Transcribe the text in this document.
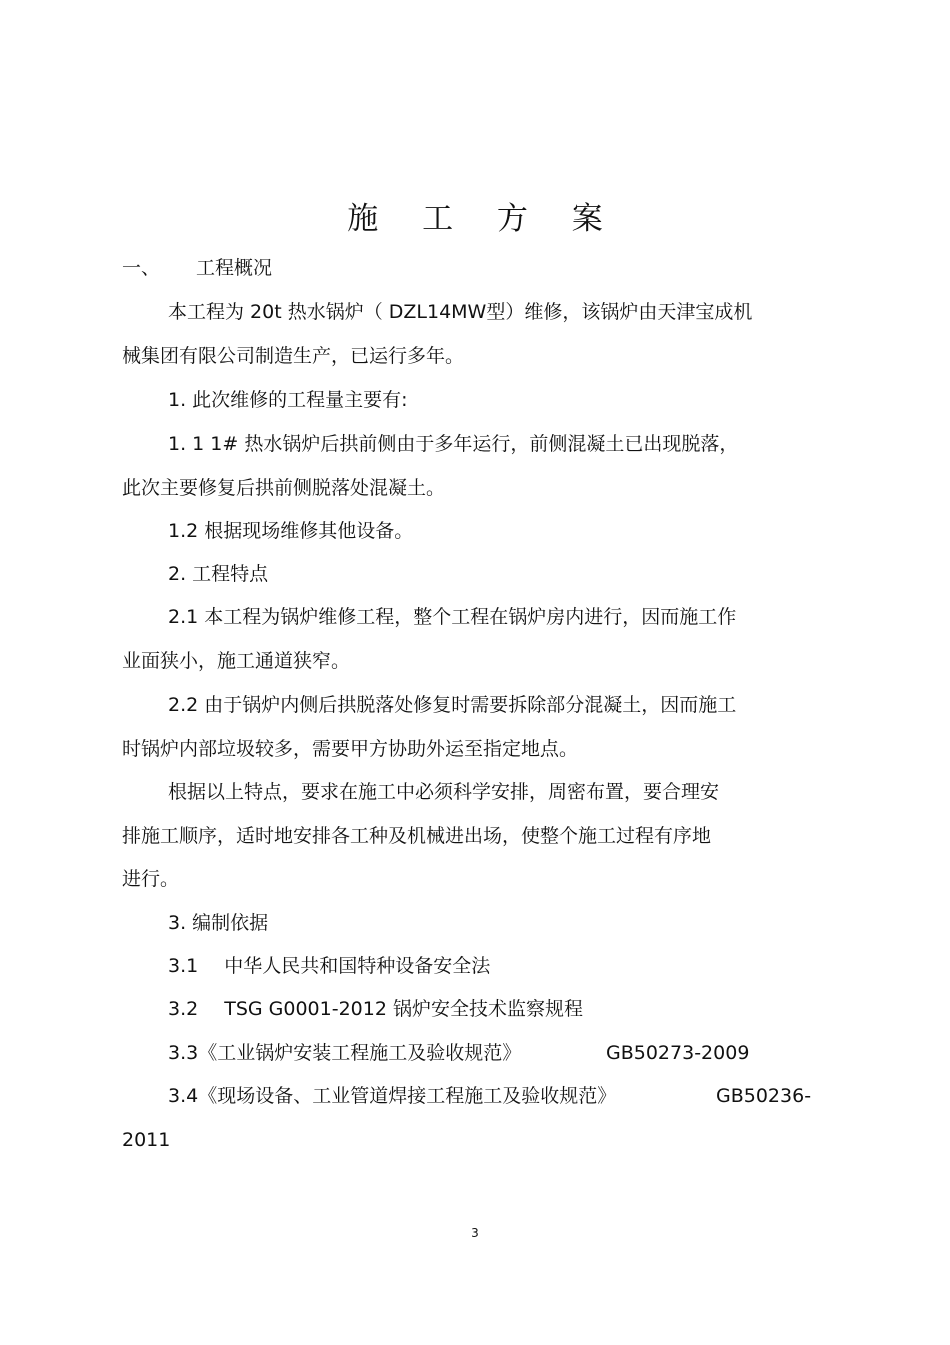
施 工 方 案
一、 工程概况
本工程为 20t 热水锅炉（ DZL14MW型）维修，该锅炉由天津宝成机
械集团有限公司制造生产，已运行多年。
1. 此次维修的工程量主要有:
1. 1 1# 热水锅炉后拱前侧由于多年运行，前侧混凝土已出现脱落，
此次主要修复后拱前侧脱落处混凝土。
1.2 根据现场维修其他设备。
2. 工程特点
2.1 本工程为锅炉维修工程，整个工程在锅炉房内进行，因而施工作
业面狭小，施工通道狭窄。
2.2 由于锅炉内侧后拱脱落处修复时需要拆除部分混凝土，因而施工
时锅炉内部垃圾较多，需要甲方协助外运至指定地点。
根据以上特点，要求在施工中必须科学安排，周密布置，要合理安
排施工顺序，适时地安排各工种及机械进出场，使整个施工过程有序地
进行。
3. 编制依据
3.1 中华人民共和国特种设备安全法
3.2 TSG G0001-2012 锅炉安全技术监察规程
3.3《工业锅炉安装工程施工及验收规范》	GB50273-2009
3.4《现场设备、工业管道焊接工程施工及验收规范》	GB50236-
2011
3
